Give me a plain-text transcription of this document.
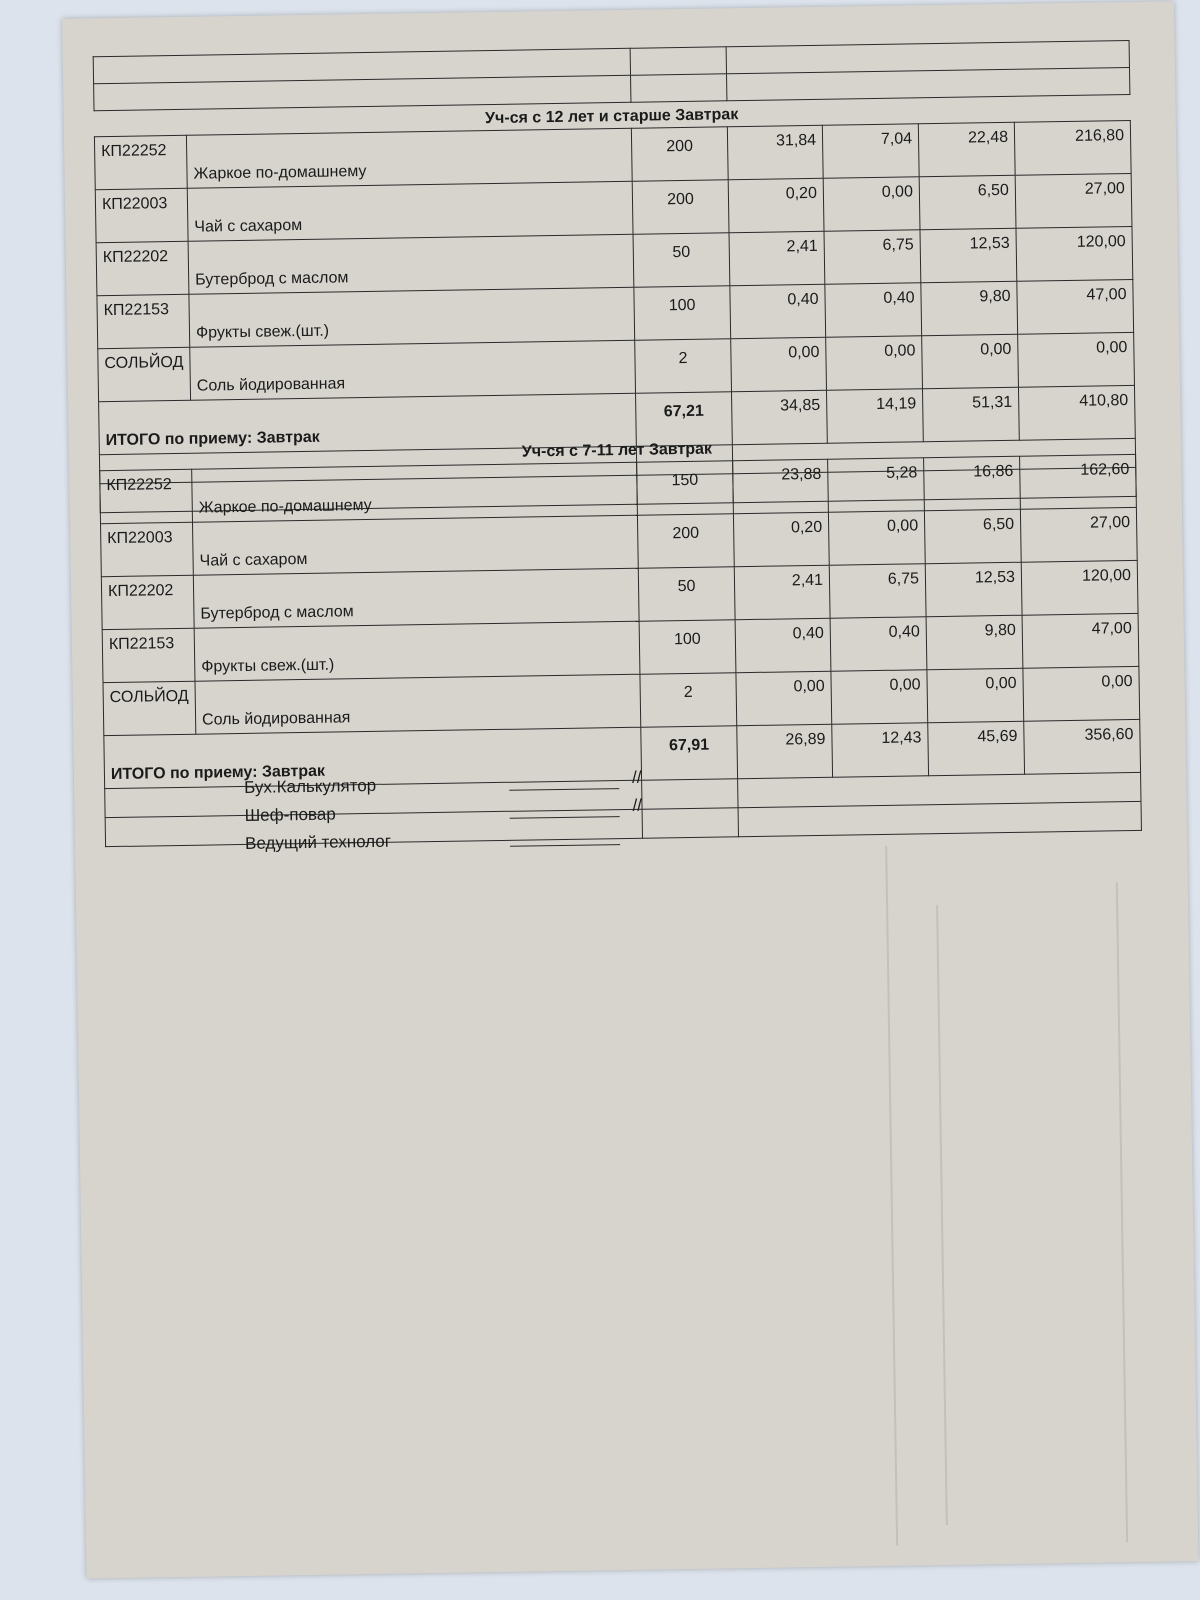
Уч-ся с 12 лет и старше Завтрак
КП22252	Жаркое по-домашнему	200	31,84	7,04	22,48	216,80
КП22003	Чай с сахаром	200	0,20	0,00	6,50	27,00
КП22202	Бутерброд с маслом	50	2,41	6,75	12,53	120,00
КП22153	Фрукты свеж.(шт.)	100	0,40	0,40	9,80	47,00
СОЛЬЙОД	Соль йодированная	2	0,00	0,00	0,00	0,00
ИТОГО по приему: Завтрак		67,21	34,85	14,19	51,31	410,80

Уч-ся с 7-11 лет Завтрак
КП22252	Жаркое по-домашнему	150	23,88	5,28	16,86	162,60
КП22003	Чай с сахаром	200	0,20	0,00	6,50	27,00
КП22202	Бутерброд с маслом	50	2,41	6,75	12,53	120,00
КП22153	Фрукты свеж.(шт.)	100	0,40	0,40	9,80	47,00
СОЛЬЙОД	Соль йодированная	2	0,00	0,00	0,00	0,00
ИТОГО по приему: Завтрак		67,91	26,89	12,43	45,69	356,60

Бух.Калькулятор	//
Шеф-повар	//
Ведущий технолог
